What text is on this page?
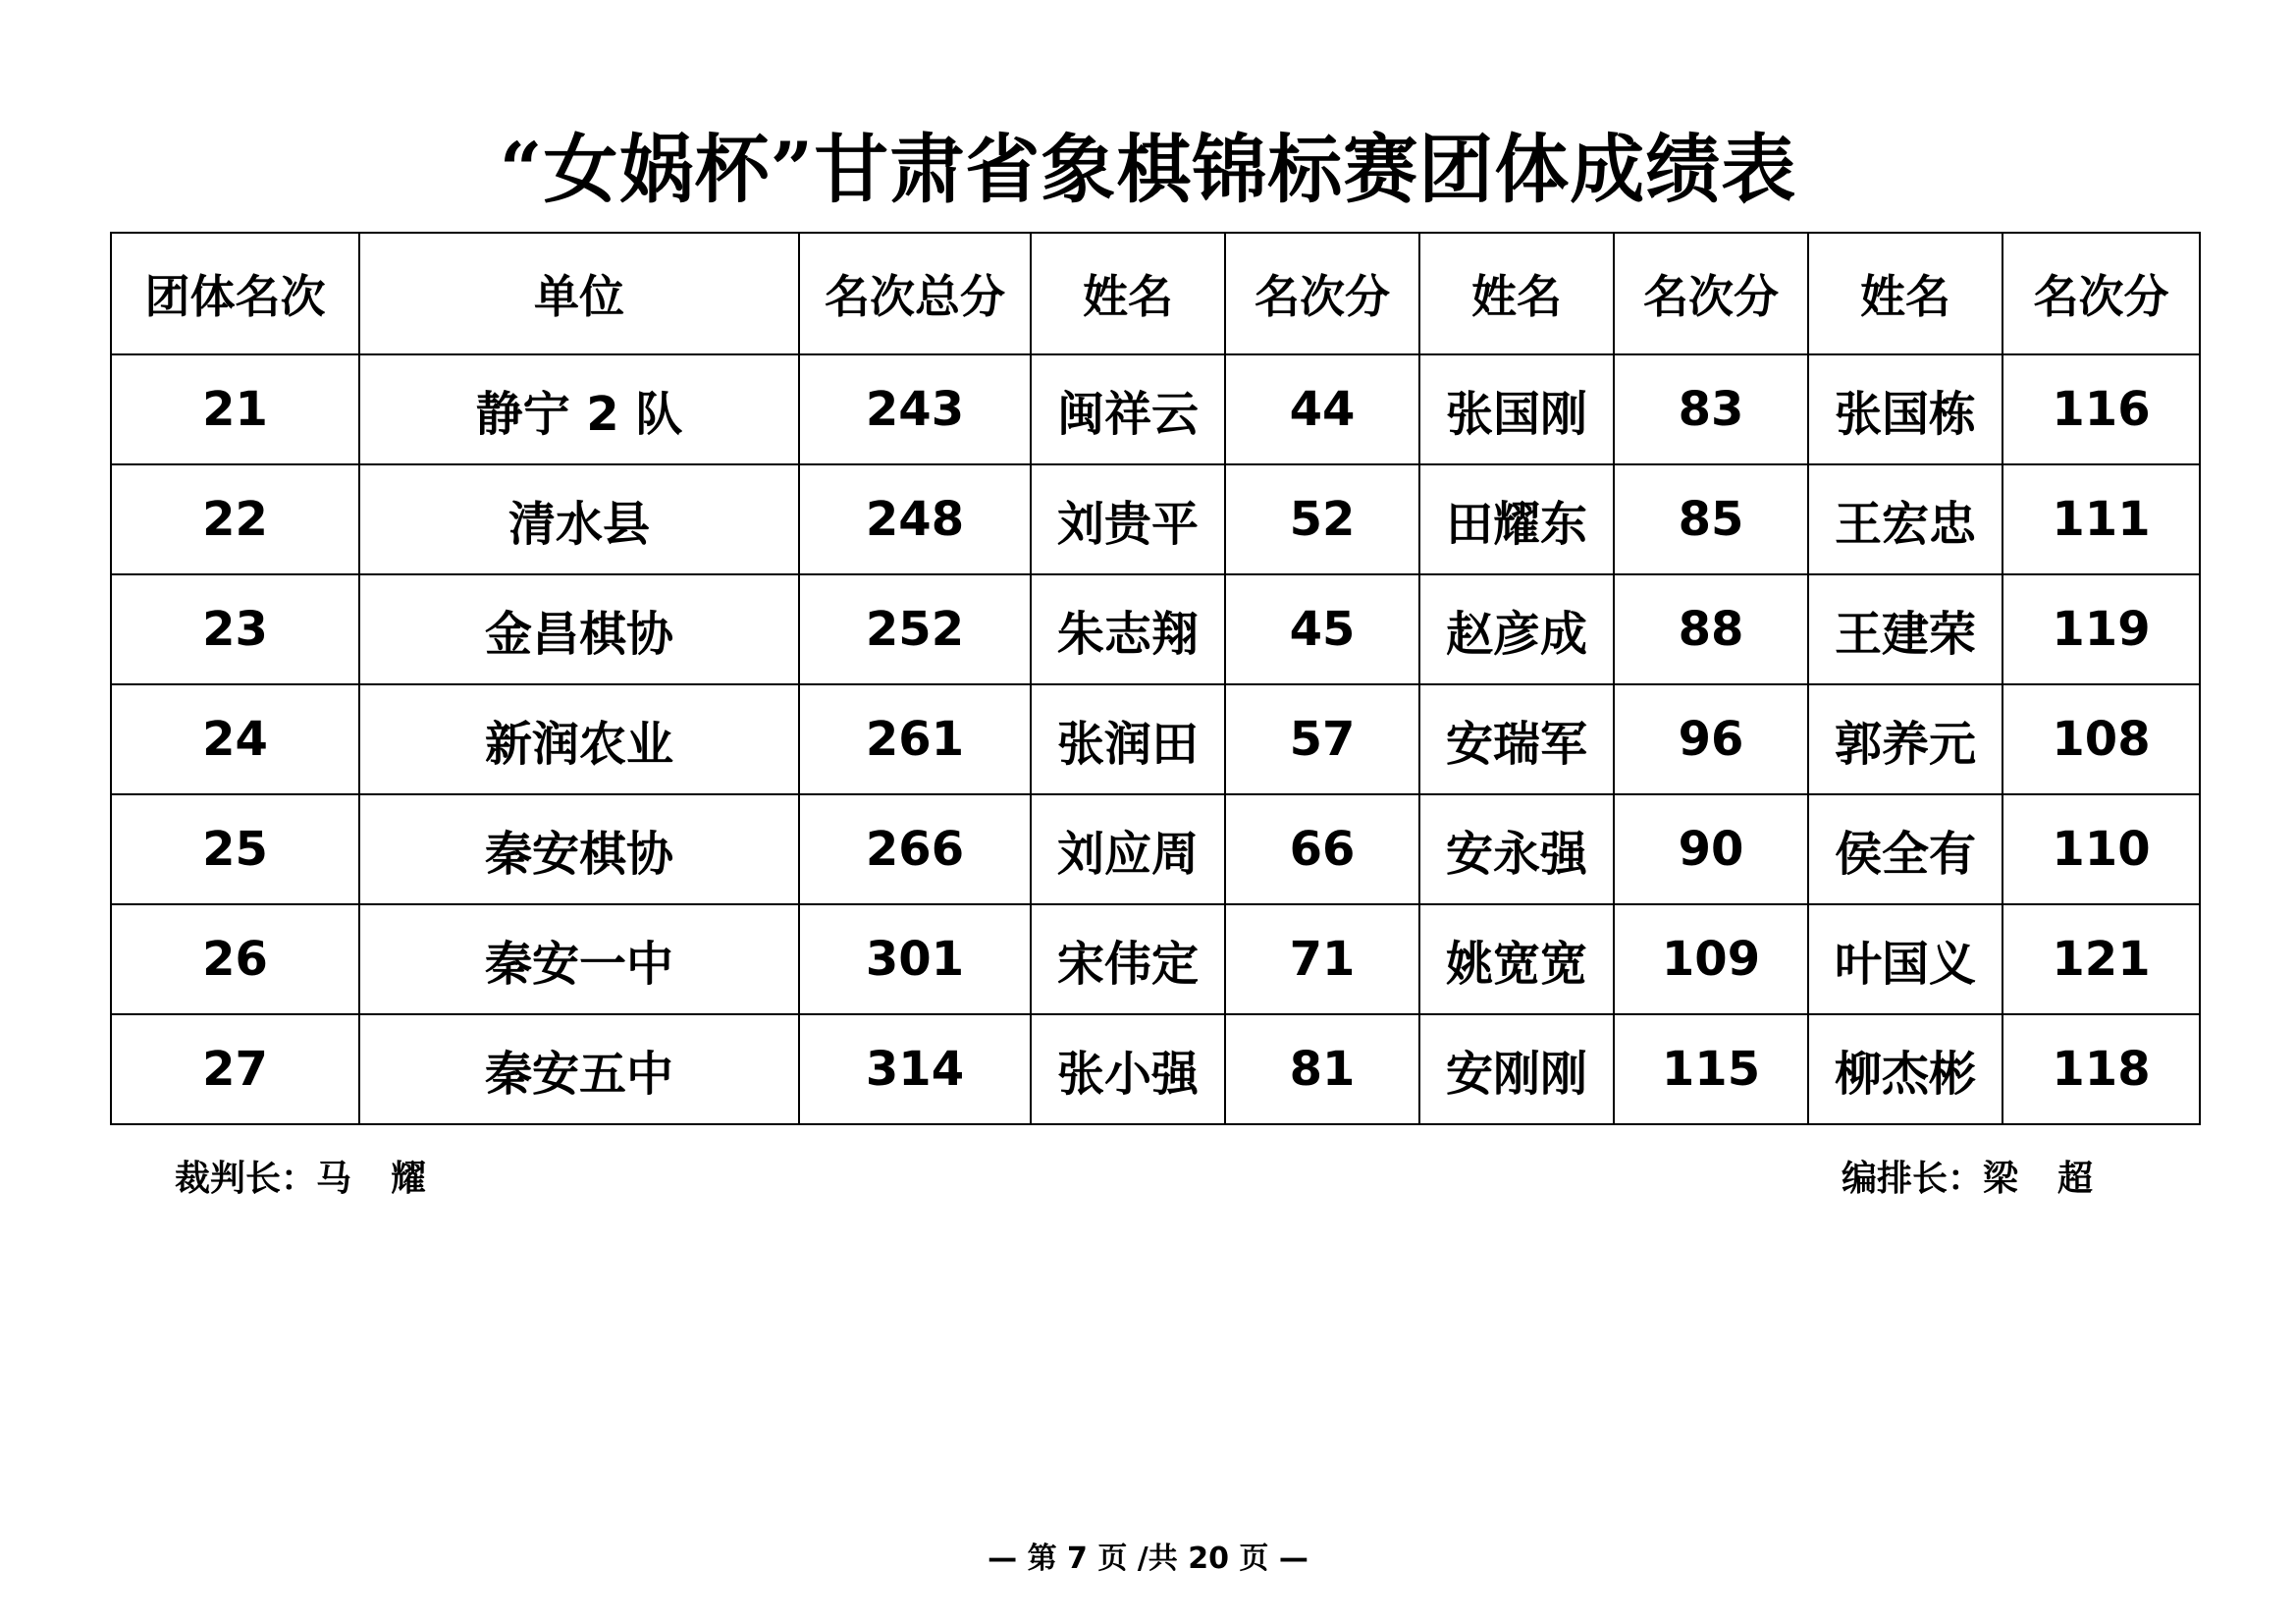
“女娲杯”甘肃省象棋锦标赛团体成绩表
团体名次	单位	名次总分	姓名	名次分	姓名	名次分	姓名	名次分
21	静宁 2 队	243	闽祥云	44	张国刚	83	张国栋	116
22	清水县	248	刘贵平	52	田耀东	85	王宏忠	111
23	金昌棋协	252	朱志翔	45	赵彦成	88	王建荣	119
24	新润农业	261	张润田	57	安瑞军	96	郭养元	108
25	秦安棋协	266	刘应周	66	安永强	90	侯全有	110
26	秦安一中	301	宋伟定	71	姚宽宽	109	叶国义	121
27	秦安五中	314	张小强	81	安刚刚	115	柳杰彬	118
裁判长：马 耀	编排长：梁 超
— 第 7 页 /共 20 页 —
